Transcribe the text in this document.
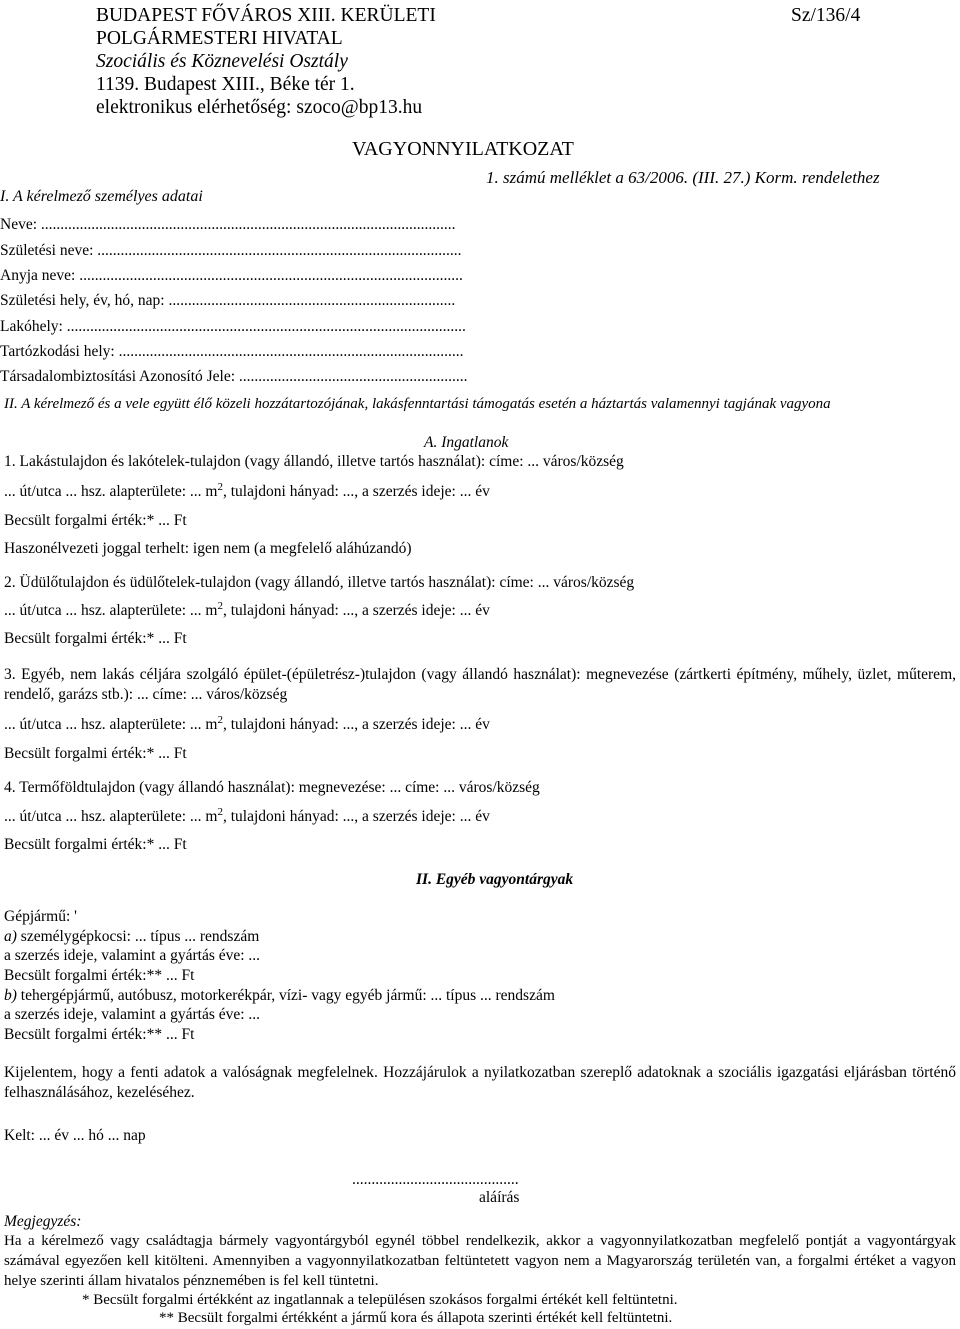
BUDAPEST FŐVÁROS XIII. KERÜLETI
POLGÁRMESTERI HIVATAL
Szociális és Köznevelési Osztály
1139. Budapest XIII., Béke tér 1.
elektronikus elérhetőség: szoco@bp13.hu
Sz/136/4
VAGYONNYILATKOZAT
1. számú melléklet a 63/2006. (III. 27.) Korm. rendelethez
I. A kérelmező személyes adatai
Neve: ...........................................................................................................
Születési neve: ..............................................................................................
Anyja neve: ...................................................................................................
Születési hely, év, hó, nap: ..........................................................................
Lakóhely: .......................................................................................................
Tartózkodási hely: .........................................................................................
Társadalombiztosítási Azonosító Jele: ...........................................................
II. A kérelmező és a vele együtt élő közeli hozzátartozójának, lakásfenntartási támogatás esetén a háztartás valamennyi tagjának vagyona
A. Ingatlanok
1. Lakástulajdon és lakótelek-tulajdon (vagy állandó, illetve tartós használat): címe: ... város/község
... út/utca ... hsz. alapterülete: ... $m^2$, tulajdoni hányad: ..., a szerzés ideje: ... év
Becsült forgalmi érték:* ... Ft
Haszonélvezeti joggal terhelt: igen nem (a megfelelő aláhúzandó)
2. Üdülőtulajdon és üdülőtelek-tulajdon (vagy állandó, illetve tartós használat): címe: ... város/község
... út/utca ... hsz. alapterülete: ... $m^2$, tulajdoni hányad: ..., a szerzés ideje: ... év
Becsült forgalmi érték:* ... Ft
3. Egyéb, nem lakás céljára szolgáló épület-(épületrész-)tulajdon (vagy állandó használat): megnevezése (zártkerti építmény, műhely, üzlet, műterem, rendelő, garázs stb.): ... címe: ... város/község
... út/utca ... hsz. alapterülete: ... $m^2$, tulajdoni hányad: ..., a szerzés ideje: ... év
Becsült forgalmi érték:* ... Ft
4. Termőföldtulajdon (vagy állandó használat): megnevezése: ... címe: ... város/község
... út/utca ... hsz. alapterülete: ... $m^2$, tulajdoni hányad: ..., a szerzés ideje: ... év
Becsült forgalmi érték:* ... Ft
II. Egyéb vagyontárgyak
Gépjármű: '
a) személygépkocsi: ... típus ... rendszám
a szerzés ideje, valamint a gyártás éve: ...
Becsült forgalmi érték:** ... Ft
b) tehergépjármű, autóbusz, motorkerékpár, vízi- vagy egyéb jármű: ... típus ... rendszám
a szerzés ideje, valamint a gyártás éve: ...
Becsült forgalmi érték:** ... Ft
Kijelentem, hogy a fenti adatok a valóságnak megfelelnek. Hozzájárulok a nyilatkozatban szereplő adatoknak a szociális igazgatási eljárásban történő felhasználásához, kezeléséhez.
Kelt: ... év ... hó ... nap
...........................................
aláírás
Megjegyzés:
Ha a kérelmező vagy családtagja bármely vagyontárgyból egynél többel rendelkezik, akkor a vagyonnyilatkozatban megfelelő pontját a vagyontárgyak számával egyezően kell kitölteni. Amennyiben a vagyonnyilatkozatban feltüntetett vagyon nem a Magyarország területén van, a forgalmi értéket a vagyon helye szerinti állam hivatalos pénznemében is fel kell tüntetni.
* Becsült forgalmi értékként az ingatlannak a településen szokásos forgalmi értékét kell feltüntetni.
** Becsült forgalmi értékként a jármű kora és állapota szerinti értékét kell feltüntetni.
